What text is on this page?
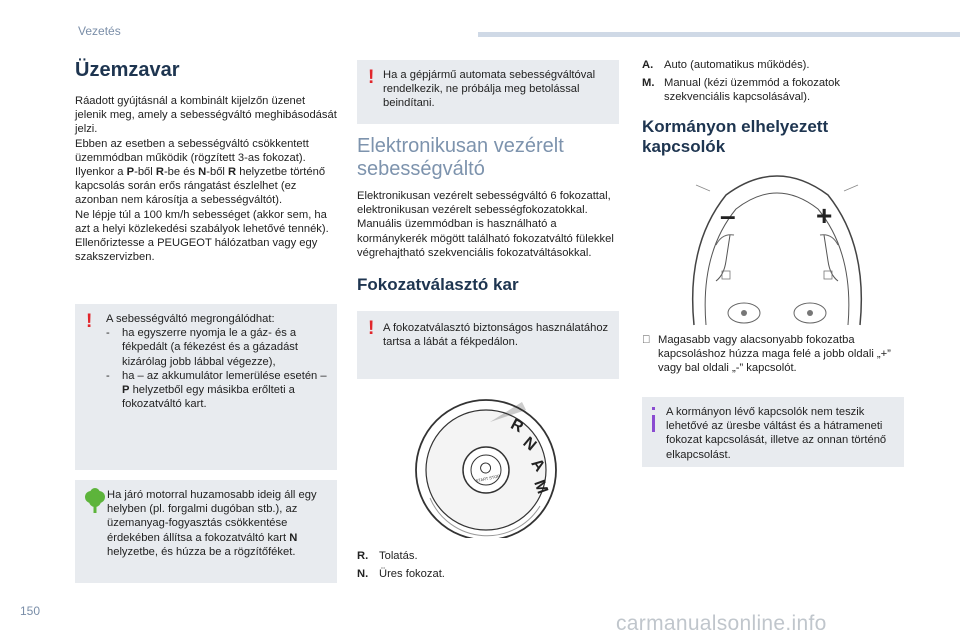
Vezetés
Üzemzavar

Ráadott gyújtásnál a kombinált kijelzőn üzenet jelenik meg, amely a sebességváltó meghibásodását jelzi.

Ebben az esetben a sebességváltó csökkentett üzemmódban működik (rögzített 3-as fokozat).

Ilyenkor a P-ből R-be és N-ből R helyzetbe történő kapcsolás során erős rángatást észlelhet (ez azonban nem károsítja a sebességváltót).

Ne lépje túl a 100 km/h sebességet (akkor sem, ha azt a helyi közlekedési szabályok lehetővé tennék).

Ellenőriztesse a PEUGEOT hálózatban vagy egy szakszervizben.

! A sebességváltó megrongálódhat:

-	ha egyszerre nyomja le a gáz- és a fékpedált (a fékezést és a gázadást kizárólag jobb lábbal végezze),
-	ha – az akkumulátor lemerülése esetén – P helyzetből egy másikba erőlteti a fokozatváltó kart.
Ha járó motorral huzamosabb ideig áll egy helyben (pl. forgalmi dugóban stb.), az üzemanyag-fogyasztás csökkentése érdekében állítsa a fokozatváltó kart N helyzetbe, és húzza be a rögzítőféket.
! Ha a gépjármű automata sebességváltóval rendelkezik, ne próbálja meg betolással beindítani.
Elektronikusan vezérelt sebességváltó

Elektronikusan vezérelt sebességváltó 6 fokozattal, elektronikusan vezérelt sebességfokozatokkal. Manuális üzemmódban is használható a kormánykerék mögött található fokozatváltó fülekkel végrehajtható szekvenciális fokozatváltásokkal.

Fokozatválasztó kar
! A fokozatválasztó biztonságos használatához tartsa a lábát a fékpedálon.
START STOP
R
N
A
M
R. Tolatás.
N. Üres fokozat.
A. Auto (automatikus működés).
M. Manual (kézi üzemmód a fokozatok szekvenciális kapcsolásával).
Kormányon elhelyezett kapcsolók
–	+
Magasabb vagy alacsonyabb fokozatba kapcsoláshoz húzza maga felé a jobb oldali „+” vagy bal oldali „-” kapcsolót.
A kormányon lévő kapcsolók nem teszik lehetővé az üresbe váltást és a hátrameneti fokozat kapcsolását, illetve az onnan történő elkapcsolást.
150
carmanualsonline.info
